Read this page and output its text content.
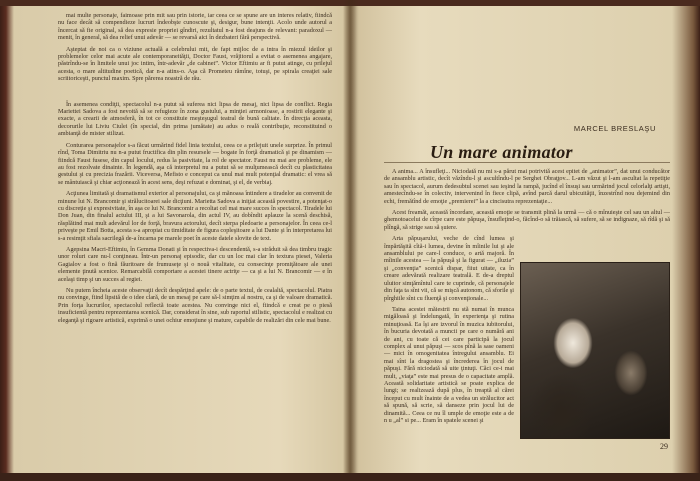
mai multe personaje, faimoase prin mit sau prin istorie, iar ceea ce se spune are un interes relativ, fiindcă nu face decât să compendieze lucruri îndeobşte cunoscute şi, desigur, bune intenţii. Acolo unde autorul a încercat să fie original, să dea expresie propriei gîndiri, rezultatul n-a fost deajuns de relevant: paradoxul — menit, în general, să dea relief unui adevăr — se revarsă aici în dezbateri fără perspectivă.

Aşteptat de noi ca o viziune actuală a celebrului mit, de fapt mijloc de a intra în miezul ideilor şi problemelor celor mai acute ale contemporaneităţii, Doctor Faust, vrăjitorul a evitat o asemenea angajare, păstrîndu-se în limitele unui joc intim, într-adevăr „de cabinet”. Victor Eftimiu ar fi putut atinge, cu prilejul acesta, o mare altitudine poetică, dar n-a atins-o. Aşa că Prometeu rămîne, totuşi, pe spirala creaţiei sale scriitoriceşti, punctul maxim. Spre părerea noastră de rău.

În asemenea condiţii, spectacolul n-a putut să suferea nici lipsa de mesaj, nici lipsa de conflict. Regia Mariettei Sadova a fost nevoită să se refugieze în zona gustului, a minţiei armonioase, a rostirii elegante şi exacte, a crearii de atmosferă, în tot ce constituie meşteşugul teatral de bună calitate. În direcţia aceasta, decorurile lui Liviu Ciulei (în special, din prima jumătate) au adus o reală contribuţie, reconstituind o ambianţă de mister stilizat.

Conturarea personajelor s-a făcut urmărind fidel linia textului, ceea ce a prilejuit unele surprize. În primul rînd, Toma Dimitriu nu n-a putut fructifica din plin resursele — bogate în forţă dramatică şi pe dinamism — fiindcă Faust fusese, din capul locului, redus la pasivitate, la rol de spectator. Faust nu mai are probleme, ele au fost rezolvate dinainte. În legendă, aşa că interpretul nu a putut să se mulţumească decît cu plasticitatea gestului şi cu precizia frazării. Viceversa, Mefisto e conceput ca unul mai mult potenţial dramatic: el vrea să se mântuiască şi chiar acţionează în acest sens, deşi refuzat e dominat, şi el, de verbiaj.

Acţiunea limitată şi dramatismul exterior al personajului, ca şi mănoasa întindere a tiradelor au convenit de minune lui N. Brancomir şi strălucitoarei sale dicţiuni. Marietta Sadova a iniţiat această povestire, a potenţat-o cu discreţie şi expresivitate, în aşa ce lui N. Brancomir a recoltat cel mai mare succes în spectacol. Tiradele lui Don Juan, din finalul actului III, şi a lui Savonarola, din actul IV, au dobîndit aplauze la scenă deschisă, răsplătind mai mult adevărul lor de forţă, bravura actorului, decît sterpa pledoarie a personajelor. În ceea ce-l priveşte pe Emil Botta, acesta s-a apropiat cu timiditate de figura copleşitoare a lui Dante şi în interpretarea lui s-a resimţit sfiala sacrilegă de-a încarna pe marele poet în aceste datele slovite de text.

Agepsina Macri-Eftimiu, în Gemma Donati şi în respectiva-i descendentă, s-a străduit să dea timbru tragic unor roluri care nu-l conţineau. Într-un personaj episodic, dar cu un loc mai clar în textura piesei, Valeria Gagialov a fost o fină făuritoare de frumuseţe şi o nouă vitalitate, cu consecinţe promiţătoare ale unei elemente ţinută scenice. Remarcabilă comportare a acestei tinere actriţe — ca şi a lui N. Brancomir — e în acelaşi timp şi un succes al regiei.

Nu putem încheia aceste observaţii decît despărţind apele: de o parte textul, de cealaltă, spectacolul. Piatra nu convinge, fiind lipsită de o idee clară, de un mesaj pe care să-l simţim al nostru, ca şi de valoare dramatică. Prin forţa lucrurilor, spectacolul reflectă toate acestea. Nu convinge nici el, fiindcă e creat pe o piesă insuficientă pentru reprezentarea scenică. Dar, considerat în sine, sub raportul stilistic, spectacolul e realizat cu eleganţă şi rigoare artistică, exprimă o unei ochiur emoţiune şi mature, capabile de realizări din cele mai bune.

MARCEL BRESLAŞU
Un mare animator

A anima... A însufleţi... Niciodată nu mi s-a părut mai potrivită acest epitet de „animator”, dat unui conducător de ansamblu artistic, decît văzîndu-l şi ascultîndu-l pe Serghei Obraţţov... L-am văzut şi l-am ascultat la repetiţie sau în spectacol, aurum dedesubtul scenei sau ieşind la rampă, jucînd el însuşi sau urmărind jocul celorlalţi artişti, amestecîndu-se în colectiv, intervenind în fiece clipă, avînd parcă darul ubicuităţii, înzestrînd nou dejemind din echi, fremătînd de emoţie „premierei” la a cincisutra reprezentaţie...

Acest freamăt, această încordare, această emoţie se transmit plină la urmă — că o mînuieşte cel sau un altul — ghemotoacelui de cîrpe care este păpuşa, însufleţind-o, făcînd-o să trăiască, să sufere, să se indignaze, să rîdă şi să plîngă, să strige sau să şuiere.

Arta păpuşarului, veche de cînd lumea şi împărtăşită cîtă-i lumea, devine în mîinile lui şi ale ansamblului pe care-l conduce, o artă majoră. În mîinile acestea — la păpuşă şi la figurat — „iluzia” şi „convenţia” scenică dispar, fiiut uitate, ca în creare adevărată realizare teatrală. E de-a dreptul uluitor simţămîntul care te cuprinde, că personajele din faţa ta sînt vii, că se mişcă autonom, că sforile şi pîrghiile sînt cu fluenţă şi convenţionale...

Taina acestei măiestrii nu stă numai în munca migăloasă şi îndelungată, în experienţa şi rutina minuţioasă. Ea îşi are izvorul în muzica iubitorului, în bucuria devotată a muncii pe care o numără ani de ani, cu toate că cei care participă la jocul complex al unui păpuşi — scos pînă la sase oameni — mici în omogenitatea întregului ansamblu. Ei mai sînt la dragostea şi încrederea în jocul de păpuşi. Fără niciodată să uite ţintuţi. Căci ce-i mai mult, „viaţa” este mai presus de o capacitate amplă. Această solidaritate artistică se poate explica de lungi; se realizează după plus, în treaptă al cărei început cu mult înainte de a vedea un strălucitor act să spună, să scrie, să danseze prin jocul lui de dinamită... Ceea ce nu îl umple de emoţie este a de n u „al” si pe... Eram în spatele scenei şi

29
